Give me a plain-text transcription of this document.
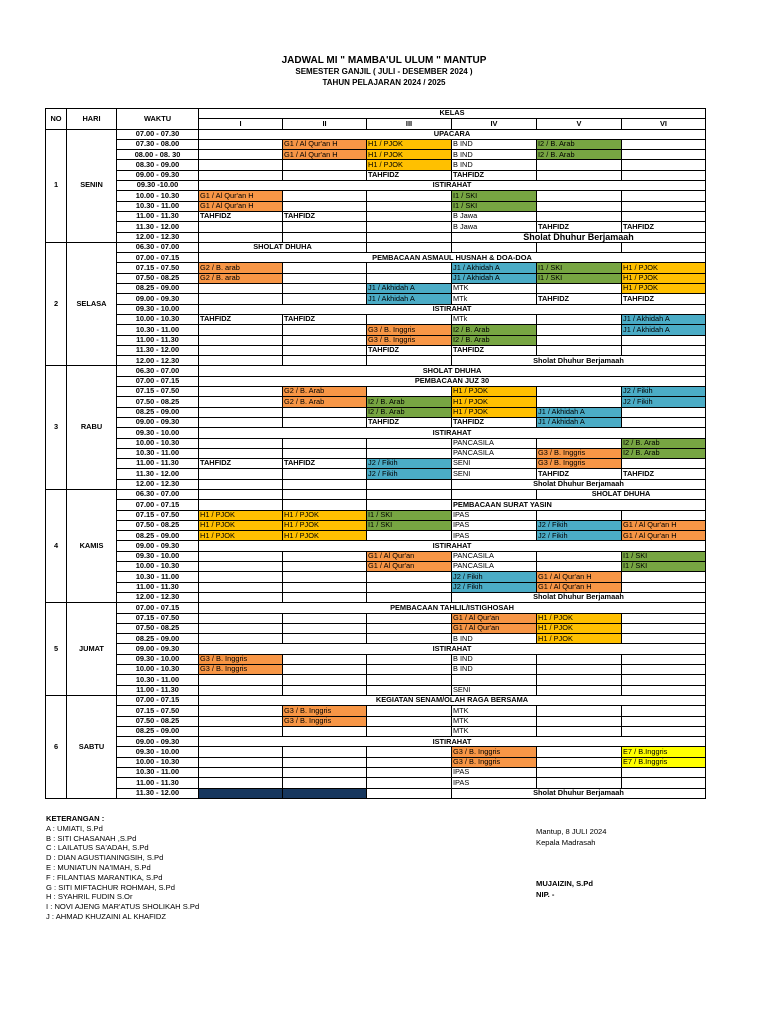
JADWAL MI " MAMBA'UL ULUM " MANTUP
SEMESTER GANJIL ( JULI - DESEMBER 2024 )
TAHUN PELAJARAN 2024 / 2025
NO	HARI	WAKTU	KELAS					
			I	II	III	IV	V	VI
1	SENIN	07.00 - 07.30	UPACARA					
		07.30 - 08.00		G1 / Al Qur'an H	H1 / PJOK	B IND	I2 / B. Arab	
		08.00 - 08. 30		G1 / Al Qur'an H	H1 / PJOK	B IND	I2 / B. Arab	
		08.30 - 09.00			H1 / PJOK	B IND		
		09.00 - 09.30			TAHFIDZ	TAHFIDZ		
		09.30 -10.00	ISTIRAHAT					
		10.00 - 10.30	G1 / Al Qur'an H			I1 / SKI		
		10.30 - 11.00	G1 / Al Qur'an H			I1 / SKI		
		11.00 - 11.30	TAHFIDZ	TAHFIDZ		B Jawa		
		11.30 - 12.00				B Jawa	TAHFIDZ	TAHFIDZ
		12.00 - 12.30				Sholat Dhuhur Berjamaah		
2	SELASA	06.30 - 07.00	SHOLAT DHUHA					
		07.00 - 07.15	PEMBACAAN ASMAUL HUSNAH & DOA-DOA					
		07.15 - 07.50	G2 / B. arab			J1 / Akhidah A	I1 / SKI	H1 / PJOK
		07.50 - 08.25	G2 / B. arab			J1 / Akhidah A	I1 / SKI	H1 / PJOK
		08.25 - 09.00			J1 / Akhidah A	MTK		H1 / PJOK
		09.00 - 09.30			J1 / Akhidah A	MTk	TAHFIDZ	TAHFIDZ
		09.30 - 10.00	ISTIRAHAT					
		10.00 - 10.30	TAHFIDZ	TAHFIDZ		MTk		J1 / Akhidah A
		10.30 - 11.00			G3 / B. Inggris	I2 / B. Arab		J1 / Akhidah A
		11.00 - 11.30			G3 / B. Inggris	I2 / B. Arab		
		11.30 - 12.00			TAHFIDZ	TAHFIDZ		
		12.00 - 12.30				Sholat Dhuhur Berjamaah		
3	RABU	06.30 - 07.00	SHOLAT DHUHA					
		07.00 - 07.15	PEMBACAAN JUZ 30					
		07.15 - 07.50		G2 / B. Arab		H1 / PJOK		J2 / Fikih
		07.50 - 08.25		G2 / B. Arab	I2 / B. Arab	H1 / PJOK		J2 / Fikih
		08.25 - 09.00			I2 / B. Arab	H1 / PJOK	J1 / Akhidah A	
		09.00 - 09.30			TAHFIDZ	TAHFIDZ	J1 / Akhidah A	
		09.30 - 10.00	ISTIRAHAT					
		10.00 - 10.30				PANCASILA		I2 / B. Arab
		10.30 - 11.00				PANCASILA	G3 / B. Inggris	I2 / B. Arab
		11.00 - 11.30	TAHFIDZ	TAHFIDZ	J2 / Fikih	SENI	G3 / B. Inggris	
		11.30 - 12.00			J2 / Fikih	SENI	TAHFIDZ	TAHFIDZ
		12.00 - 12.30				Sholat Dhuhur Berjamaah		
4	KAMIS	06.30 - 07.00					SHOLAT DHUHA	
		07.00 - 07.15				PEMBACAAN SURAT YASIN		
		07.15 - 07.50	H1 / PJOK	H1 / PJOK	I1 / SKI	IPAS		
		07.50 - 08.25	H1 / PJOK	H1 / PJOK	I1 / SKI	IPAS	J2 / Fikih	G1 / Al Qur'an H
		08.25 - 09.00	H1 / PJOK	H1 / PJOK		IPAS	J2 / Fikih	G1 / Al Qur'an H
		09.00 - 09.30	ISTIRAHAT					
		09.30 - 10.00			G1 / Al Qur'an	PANCASILA		I1 / SKI
		10.00 - 10.30			G1 / Al Qur'an	PANCASILA		I1 / SKI
		10.30 - 11.00				J2 / Fikih	G1 / Al Qur'an H	
		11.00 - 11.30				J2 / Fikih	G1 / Al Qur'an H	
		12.00 - 12.30				Sholat Dhuhur Berjamaah		
5	JUMAT	07.00 - 07.15	PEMBACAAN TAHLIL/ISTIGHOSAH					
		07.15 - 07.50				G1 / Al Qur'an	H1 / PJOK	
		07.50 - 08.25				G1 / Al Qur'an	H1 / PJOK	
		08.25 - 09.00				B IND	H1 / PJOK	
		09.00 - 09.30	ISTIRAHAT					
		09.30 - 10.00	G3 / B. Inggris			B IND		
		10.00 - 10.30	G3 / B. Inggris			B IND		
		10.30 - 11.00						
		11.00 - 11.30				SENI		
6	SABTU	07.00 - 07.15	KEGIATAN SENAM/OLAH RAGA BERSAMA					
		07.15 - 07.50		G3 / B. Inggris		MTK		
		07.50 - 08.25		G3 / B. Inggris		MTK		
		08.25 - 09.00				MTK		
		09.00 - 09.30	ISTIRAHAT					
		09.30 - 10.00				G3 / B. Inggris		E7 / B.Inggris
		10.00 - 10.30				G3 / B. Inggris		E7 / B.Inggris
		10.30 - 11.00				IPAS		
		11.00 - 11.30				IPAS		
		11.30 - 12.00				Sholat Dhuhur Berjamaah		
KETERANGAN :
A : UMIATI, S.Pd
B : SITI CHASANAH ,S.Pd
C : LAILATUS SA'ADAH, S.Pd
D : DIAN AGUSTIANINGSIH, S.Pd
E : MUNIATUN NA'IMAH, S.Pd
F : FILANTIAS MARANTIKA, S.Pd
G : SITI MIFTACHUR ROHMAH, S.Pd
H : SYAHRIL FUDIN S.Or
I : NOVI AJENG MAR'ATUS SHOLIKAH S.Pd
J : AHMAD KHUZAINI AL KHAFIDZ
Mantup, 8 JULI 2024
Kepala Madrasah
MUJAIZIN, S.Pd
NIP. -
